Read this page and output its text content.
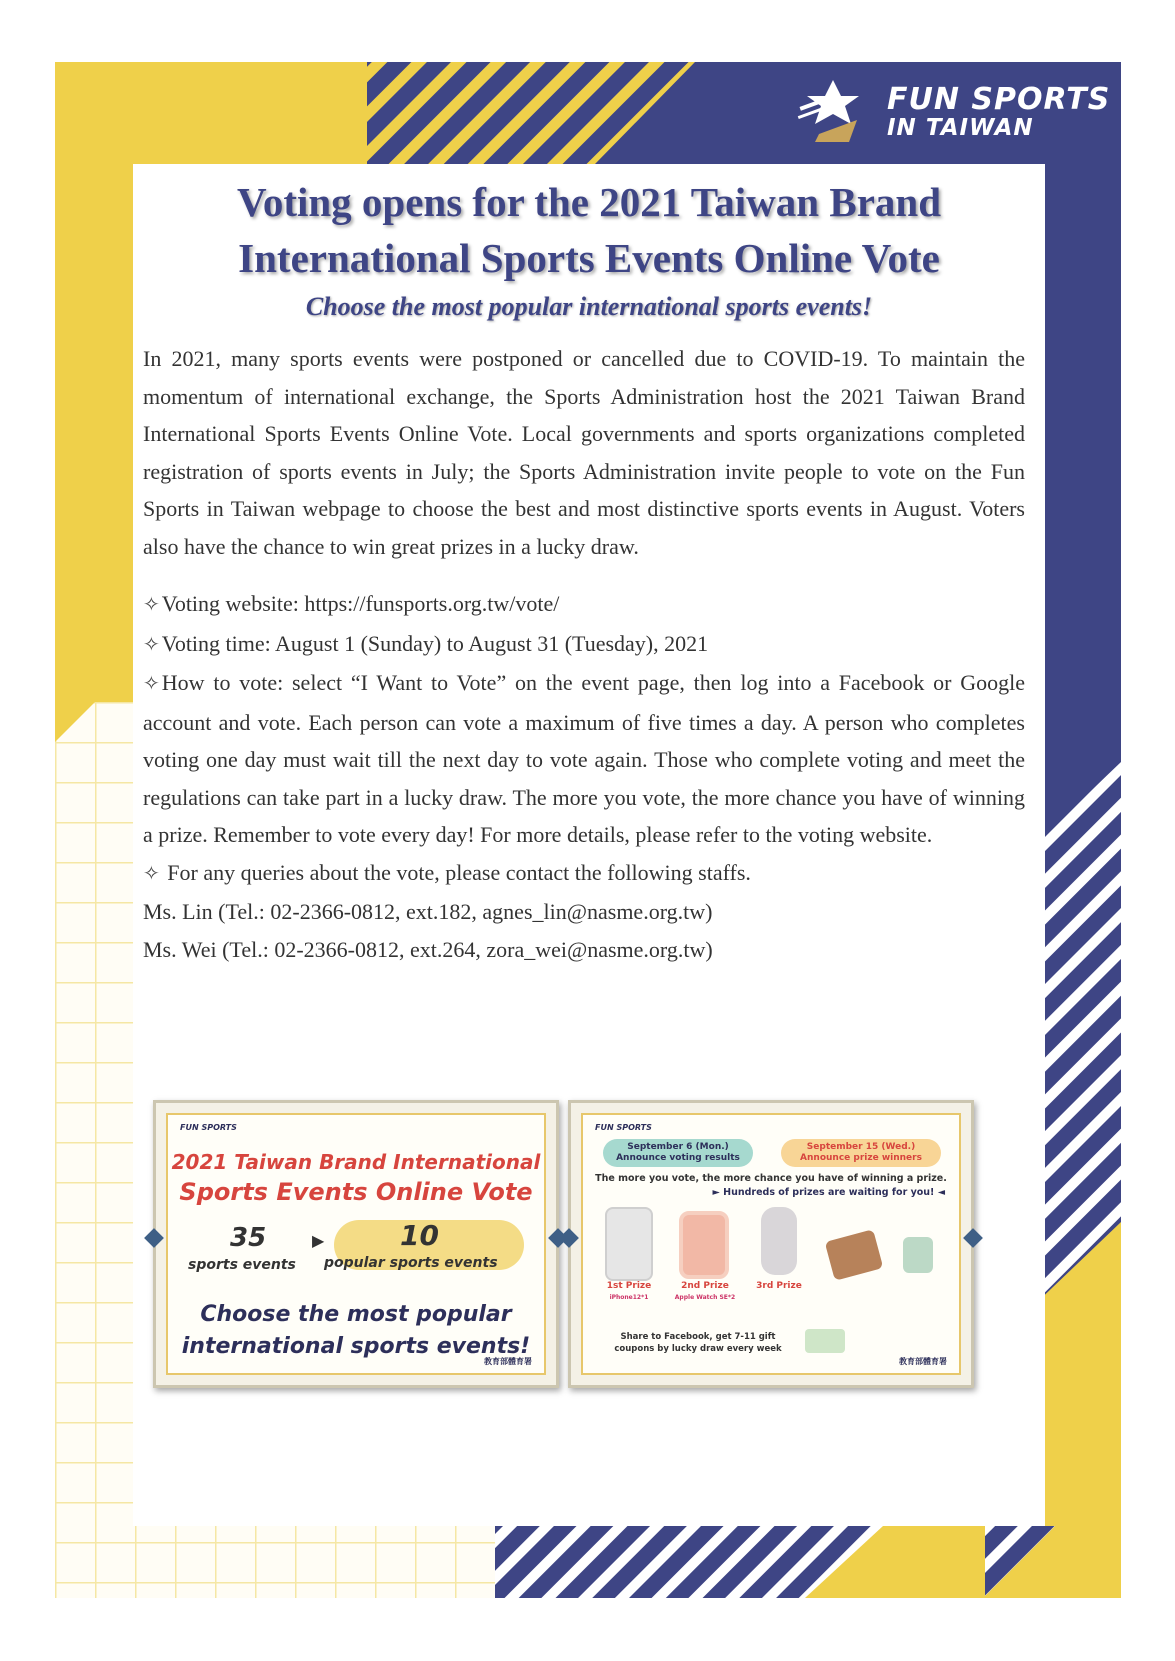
FUN SPORTS
IN TAIWAN
Voting opens for the 2021 Taiwan Brand
International Sports Events Online Vote
Choose the most popular international sports events!

In 2021, many sports events were postponed or cancelled due to COVID-19. To maintain the momentum of international exchange, the Sports Administration host the 2021 Taiwan Brand International Sports Events Online Vote. Local governments and sports organizations completed registration of sports events in July; the Sports Administration invite people to vote on the Fun Sports in Taiwan webpage to choose the best and most distinctive sports events in August. Voters also have the chance to win great prizes in a lucky draw.

✧Voting website: https://funsports.org.tw/vote/
✧Voting time: August 1 (Sunday) to August 31 (Tuesday), 2021
✧How to vote: select “I Want to Vote” on the event page, then log into a Facebook or Google account and vote. Each person can vote a maximum of five times a day. A person who completes voting one day must wait till the next day to vote again. Those who complete voting and meet the regulations can take part in a lucky draw. The more you vote, the more chance you have of winning a prize. Remember to vote every day! For more details, please refer to the voting website.
✧ For any queries about the vote, please contact the following staffs.
Ms. Lin (Tel.: 02-2366-0812, ext.182, agnes_lin@nasme.org.tw)
Ms. Wei (Tel.: 02-2366-0812, ext.264, zora_wei@nasme.org.tw)
FUN SPORTS
2021 Taiwan Brand International
Sports Events Online Vote
35
sports events
▶	10
popular sports events
Choose the most popular
international sports events!
教育部體育署
FUN SPORTS
September 6 (Mon.)
Announce voting results
September 15 (Wed.)
Announce prize winners
The more you vote, the more chance you have of winning a prize.
► Hundreds of prizes are waiting for you! ◄
1st Prize
iPhone12*1
2nd Prize
Apple Watch SE*2
3rd Prize
Share to Facebook, get 7-11 gift
coupons by lucky draw every week
教育部體育署
